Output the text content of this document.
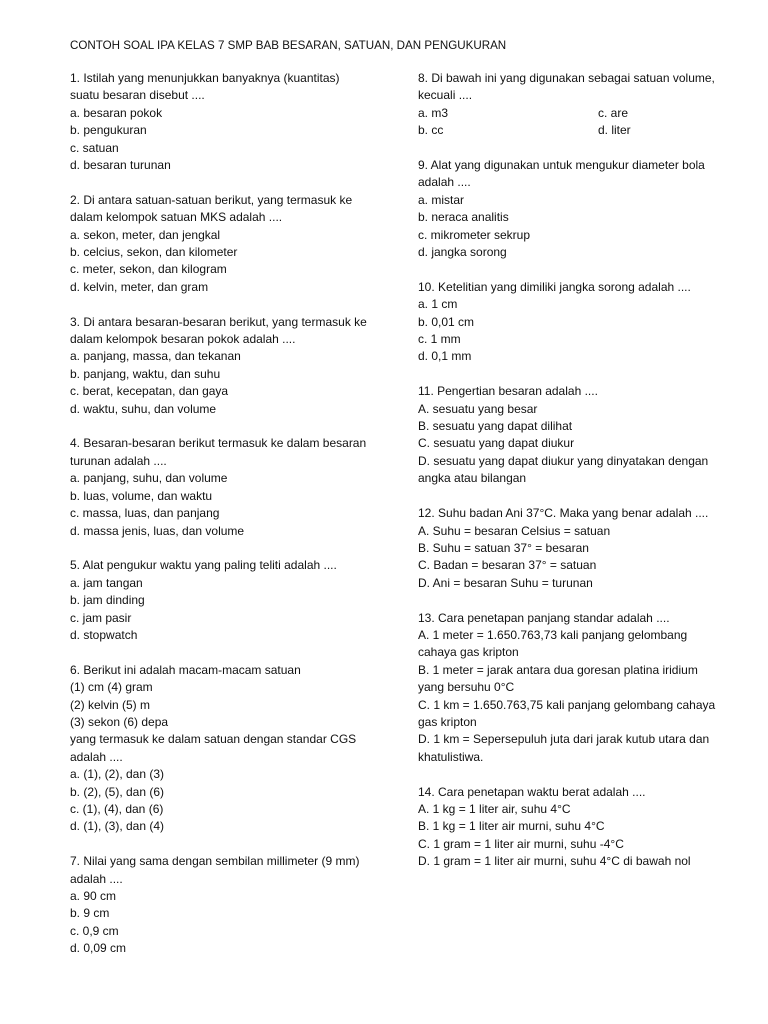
CONTOH SOAL IPA KELAS 7 SMP BAB BESARAN, SATUAN, DAN PENGUKURAN
1. Istilah yang menunjukkan banyaknya (kuantitas)
suatu besaran disebut ....
a. besaran pokok
b. pengukuran
c. satuan
d. besaran turunan
2. Di antara satuan-satuan berikut, yang termasuk ke
dalam kelompok satuan MKS adalah ....
a. sekon, meter, dan jengkal
b. celcius, sekon, dan kilometer
c. meter, sekon, dan kilogram
d. kelvin, meter, dan gram
3. Di antara besaran-besaran berikut, yang termasuk ke
dalam kelompok besaran pokok adalah ....
a. panjang, massa, dan tekanan
b. panjang, waktu, dan suhu
c. berat, kecepatan, dan gaya
d. waktu, suhu, dan volume
4. Besaran-besaran berikut termasuk ke dalam besaran
turunan adalah ....
a. panjang, suhu, dan volume
b. luas, volume, dan waktu
c. massa, luas, dan panjang
d. massa jenis, luas, dan volume
5. Alat pengukur waktu yang paling teliti adalah ....
a. jam tangan
b. jam dinding
c. jam pasir
d. stopwatch
6. Berikut ini adalah macam-macam satuan
(1) cm (4) gram
(2) kelvin (5) m
(3) sekon (6) depa
yang termasuk ke dalam satuan dengan standar CGS
adalah ....
a. (1), (2), dan (3)
b. (2), (5), dan (6)
c. (1), (4), dan (6)
d. (1), (3), dan (4)
7. Nilai yang sama dengan sembilan millimeter (9 mm)
adalah ....
a. 90 cm
b. 9 cm
c. 0,9 cm
d. 0,09 cm
8. Di bawah ini yang digunakan sebagai satuan volume,
kecuali ....
a. m3	c. are
b. cc	d. liter
9. Alat yang digunakan untuk mengukur diameter bola
adalah ....
a. mistar
b. neraca analitis
c. mikrometer sekrup
d. jangka sorong
10. Ketelitian yang dimiliki jangka sorong adalah ....
a. 1 cm
b. 0,01 cm
c. 1 mm
d. 0,1 mm
11. Pengertian besaran adalah ....
A. sesuatu yang besar
B. sesuatu yang dapat dilihat
C. sesuatu yang dapat diukur
D. sesuatu yang dapat diukur yang dinyatakan dengan
angka atau bilangan
12. Suhu badan Ani 37°C. Maka yang benar adalah ....
A. Suhu = besaran Celsius = satuan
B. Suhu = satuan 37° = besaran
C. Badan = besaran 37° = satuan
D. Ani = besaran Suhu = turunan
13. Cara penetapan panjang standar adalah ....
A. 1 meter = 1.650.763,73 kali panjang gelombang
cahaya gas kripton
B. 1 meter = jarak antara dua goresan platina iridium
yang bersuhu 0°C
C. 1 km = 1.650.763,75 kali panjang gelombang cahaya
gas kripton
D. 1 km = Sepersepuluh juta dari jarak kutub utara dan
khatulistiwa.
14. Cara penetapan waktu berat adalah ....
A. 1 kg = 1 liter air, suhu 4°C
B. 1 kg = 1 liter air murni, suhu 4°C
C. 1 gram = 1 liter air murni, suhu -4°C
D. 1 gram = 1 liter air murni, suhu 4°C di bawah nol
